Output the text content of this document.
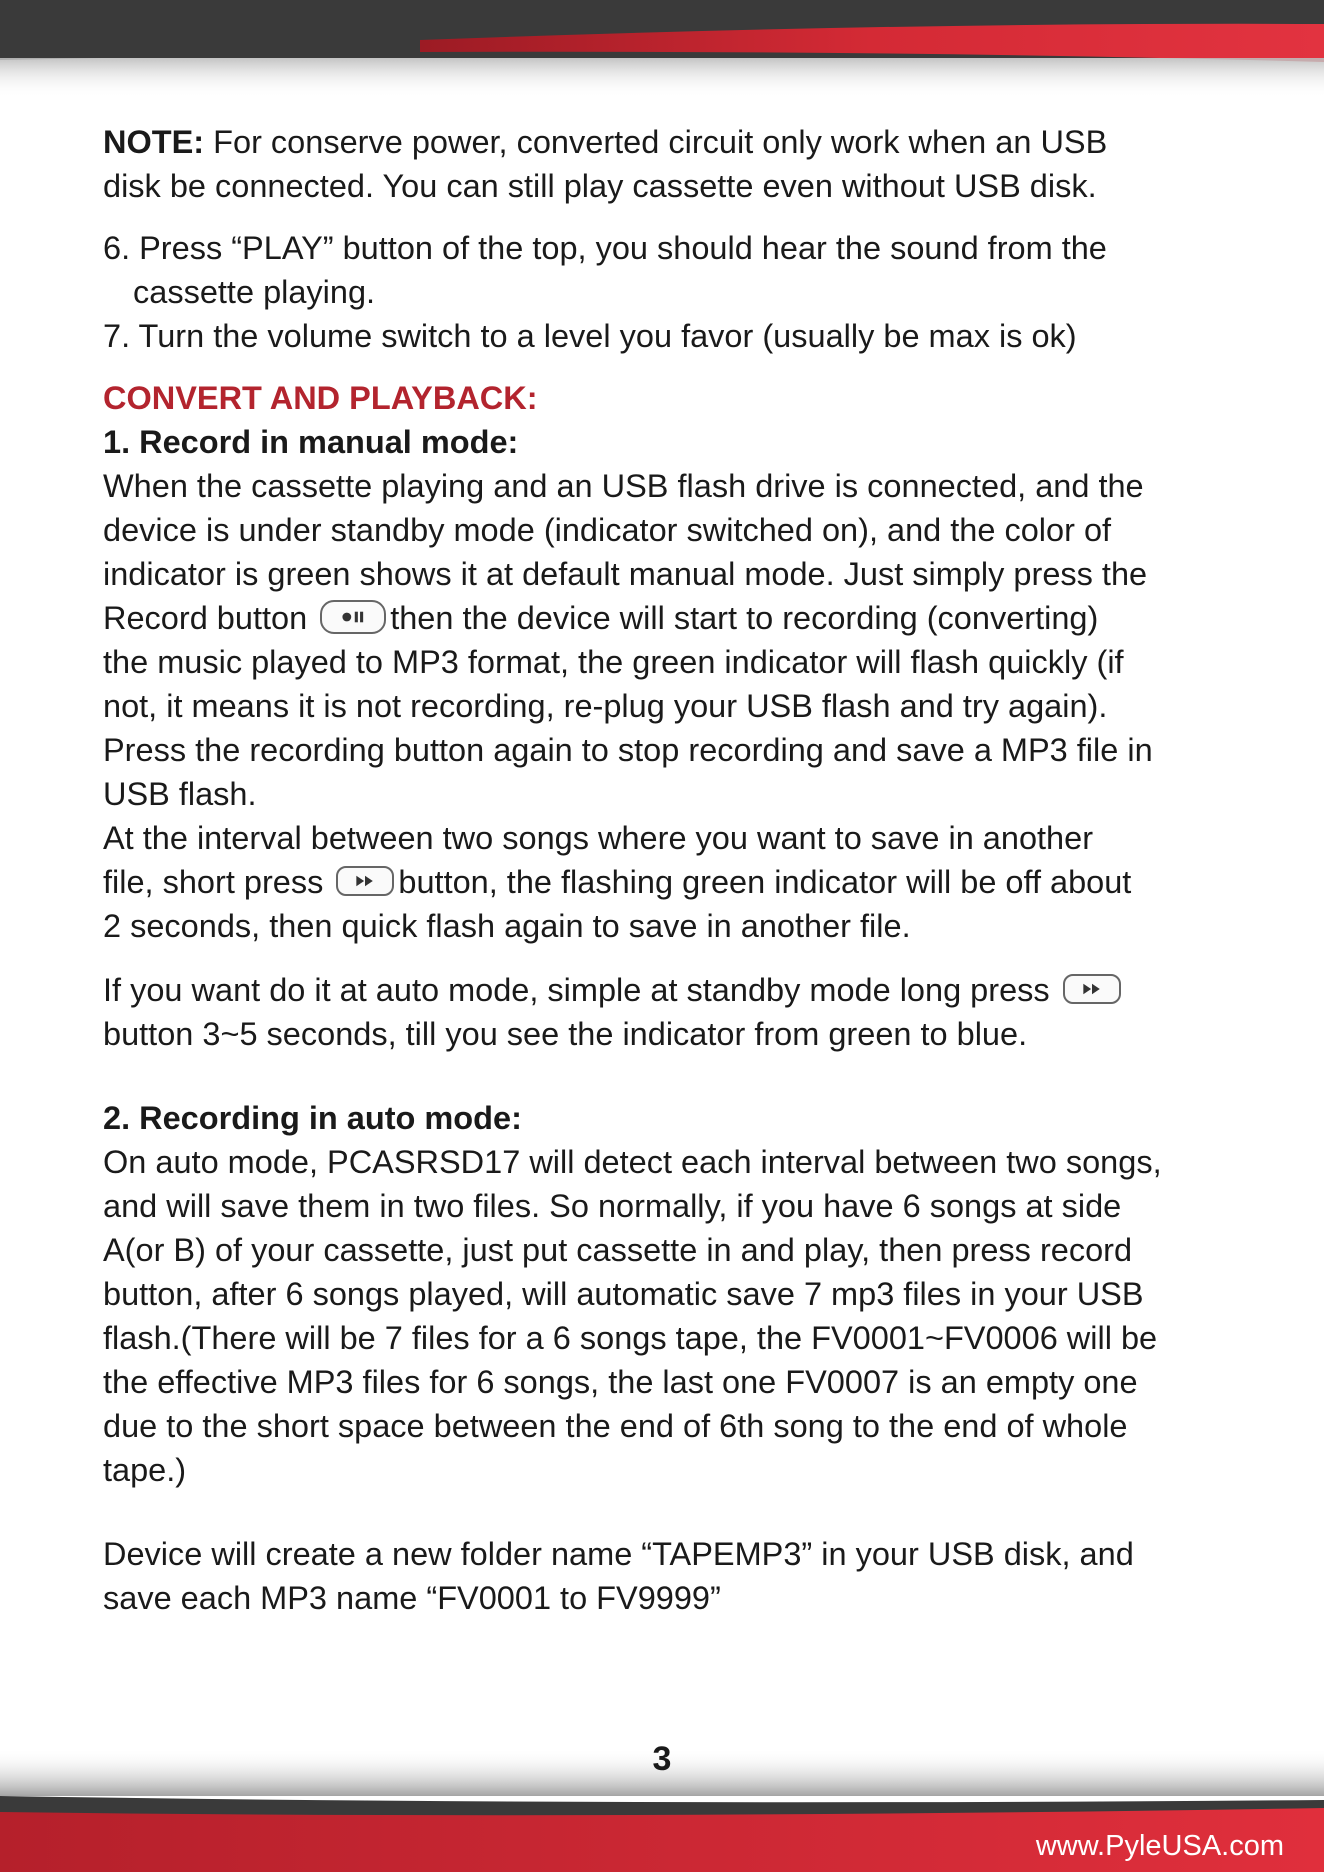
NOTE: For conserve power, converted circuit only work when an USB

disk be connected. You can still play cassette even without USB disk.

6. Press “PLAY” button of the top, you should hear the sound from the

cassette playing.

7. Turn the volume switch to a level you favor (usually be max is ok)

CONVERT AND PLAYBACK:

1. Record in manual mode:

When the cassette playing and an USB flash drive is connected, and the

device is under standby mode (indicator switched on), and the color of

indicator is green shows it at default manual mode. Just simply press the

Record button	then the device will start to recording (converting)

the music played to MP3 format, the green indicator will flash quickly (if

not, it means it is not recording, re-plug your USB flash and try again).

Press the recording button again to stop recording and save a MP3 file in

USB flash.

At the interval between two songs where you want to save in another

file, short press button, the flashing green indicator will be off about

2 seconds, then quick flash again to save in another file.

If you want do it at auto mode, simple at standby mode long press

button 3~5 seconds, till you see the indicator from green to blue.

2. Recording in auto mode:

On auto mode, PCASRSD17 will detect each interval between two songs,

and will save them in two files. So normally, if you have 6 songs at side

A(or B) of your cassette, just put cassette in and play, then press record

button, after 6 songs played, will automatic save 7 mp3 files in your USB

flash.(There will be 7 files for a 6 songs tape, the FV0001~FV0006 will be

the effective MP3 files for 6 songs, the last one FV0007 is an empty one

due to the short space between the end of 6th song to the end of whole

tape.)

Device will create a new folder name “TAPEMP3” in your USB disk, and

save each MP3 name “FV0001 to FV9999”

3
www.PyleUSA.com
